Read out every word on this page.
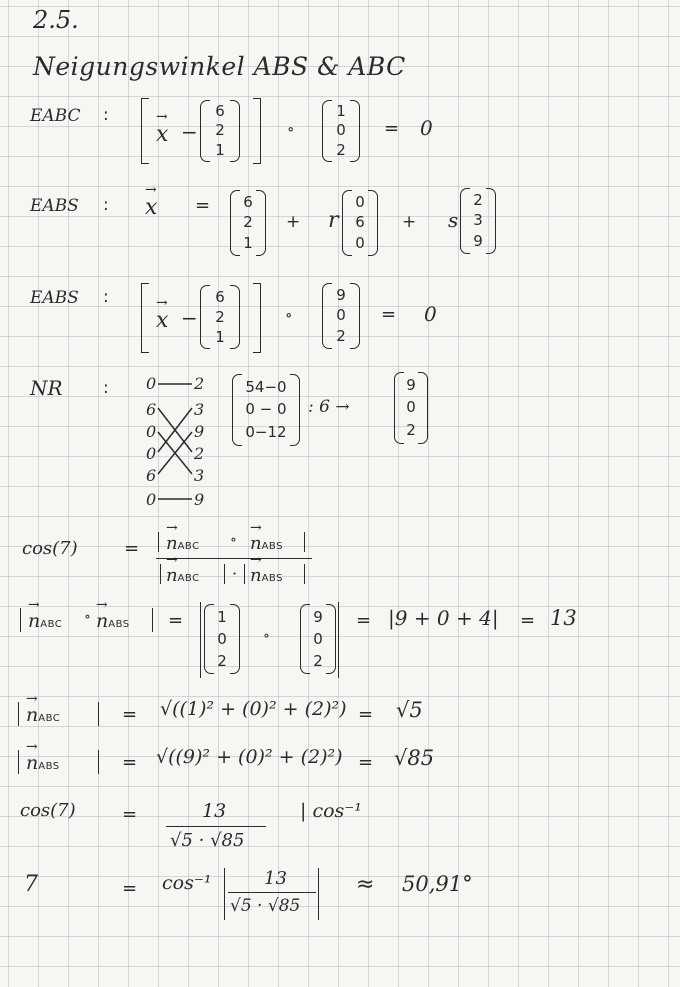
2.5.
Neigungswinkel ABS & ABC
EABC :	→
x −
6
2
1
∘
1
0
2
= 0
EABS :
→
x = 6
2
1
+ r
0
6
0
+ s
2
3
9
EABS :	→
x −
6
2
1
∘
9
0
2
= 0
NR : 0
6
0
0
6
0
2
3
9
2
3
9
54−0
0 − 0
0−12
: 6 →
9
0
2
cos(7)	=
→
nABC ∘
→
nABS
→
nABC ·
→
nABS
→
nABC ∘
→
nABS = 1
0
2
∘
9
0
2
= |9 + 0 + 4| = 13
→
nABC	= √((1)² + (0)² + (2)²) = √5
→
nABS	= √((9)² + (0)² + (2)²) = √85
cos(7)	=	13
√5 · √85
| cos⁻¹
7	= cos⁻¹	13
√5 · √85
≈ 50,91°
